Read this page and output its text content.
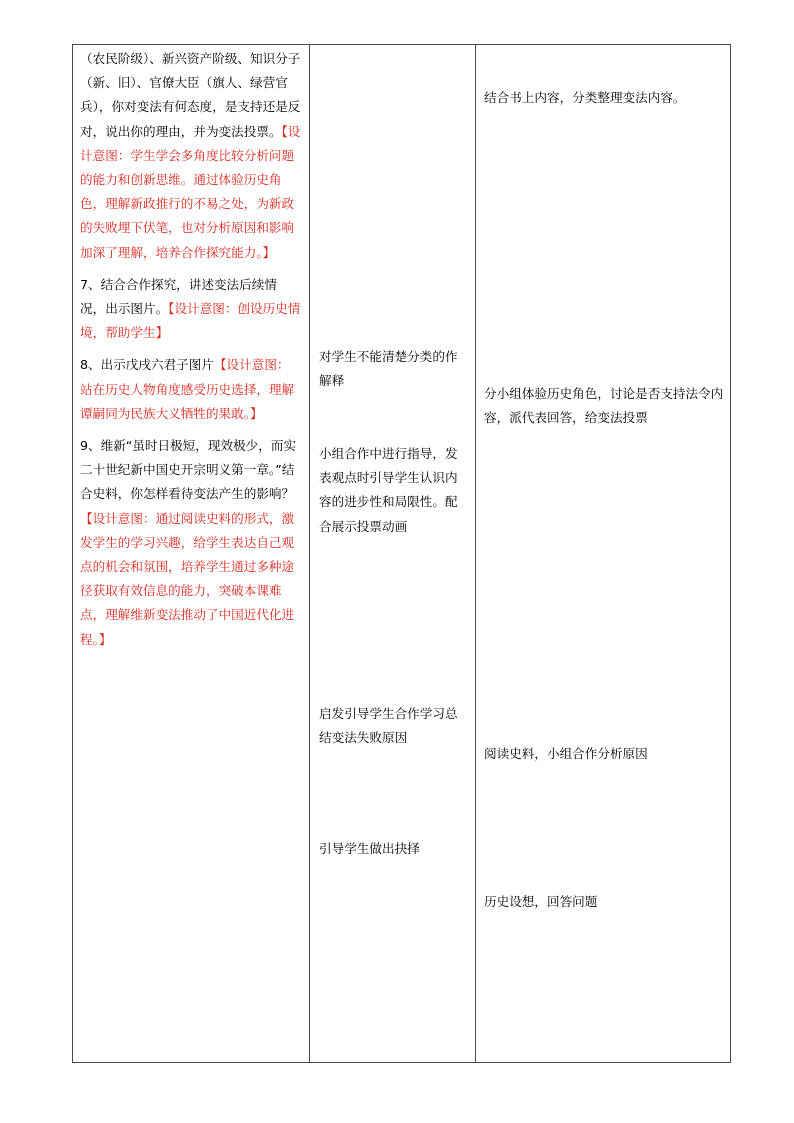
（农民阶级）、新兴资产阶级、知识分子（新、旧）、官僚大臣（旗人、绿营官兵），你对变法有何态度，是支持还是反对，说出你的理由，并为变法投票。【设计意图：学生学会多角度比较分析问题的能力和创新思维。通过体验历史角色，理解新政推行的不易之处，为新政的失败埋下伏笔，也对分析原因和影响加深了理解，培养合作探究能力。】

7、结合合作探究，讲述变法后续情况，出示图片。【设计意图：创设历史情境，帮助学生】

8、出示戊戌六君子图片【设计意图：站在历史人物角度感受历史选择，理解谭嗣同为民族大义牺牲的果敢。】

9、维新“虽时日极短，现效极少，而实二十世纪新中国史开宗明义第一章。”结合史料，你怎样看待变法产生的影响？【设计意图：通过阅读史料的形式，激发学生的学习兴趣，给学生表达自己观点的机会和氛围，培养学生通过多种途径获取有效信息的能力，突破本课难点，理解维新变法推动了中国近代化进程。】

对学生不能清楚分类的作解释
小组合作中进行指导，发表观点时引导学生认识内容的进步性和局限性。配合展示投票动画
启发引导学生合作学习总结变法失败原因
引导学生做出抉择
结合书上内容，分类整理变法内容。
分小组体验历史角色，讨论是否支持法令内容，派代表回答，给变法投票
阅读史料，小组合作分析原因
历史设想，回答问题
